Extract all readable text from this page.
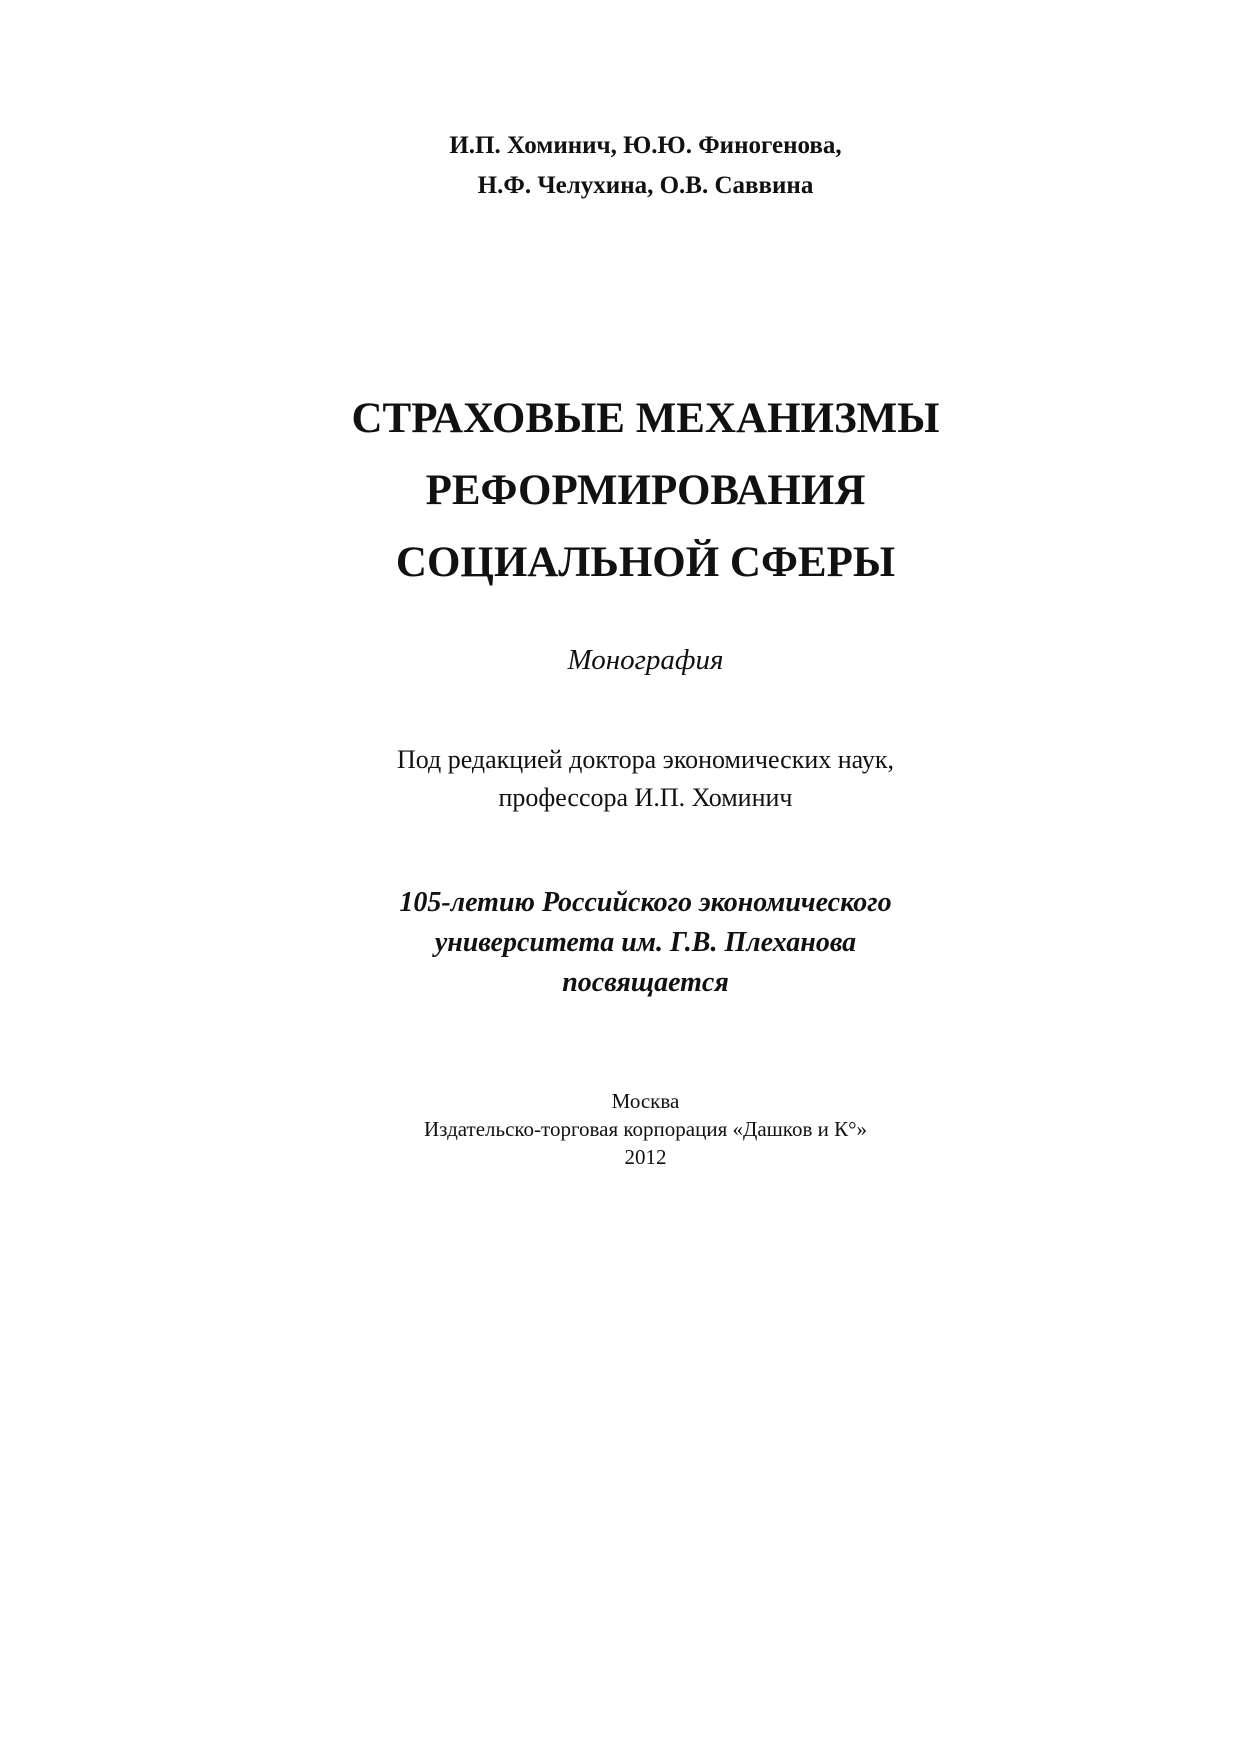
И.П. Хоминич, Ю.Ю. Финогенова,
Н.Ф. Челухина, О.В. Саввина
СТРАХОВЫЕ МЕХАНИЗМЫ
РЕФОРМИРОВАНИЯ
СОЦИАЛЬНОЙ СФЕРЫ
Монография
Под редакцией доктора экономических наук,
профессора И.П. Хоминич
105-летию Российского экономического
университета им. Г.В. Плеханова
посвящается
Москва
Издательско-торговая корпорация «Дашков и К°»
2012
